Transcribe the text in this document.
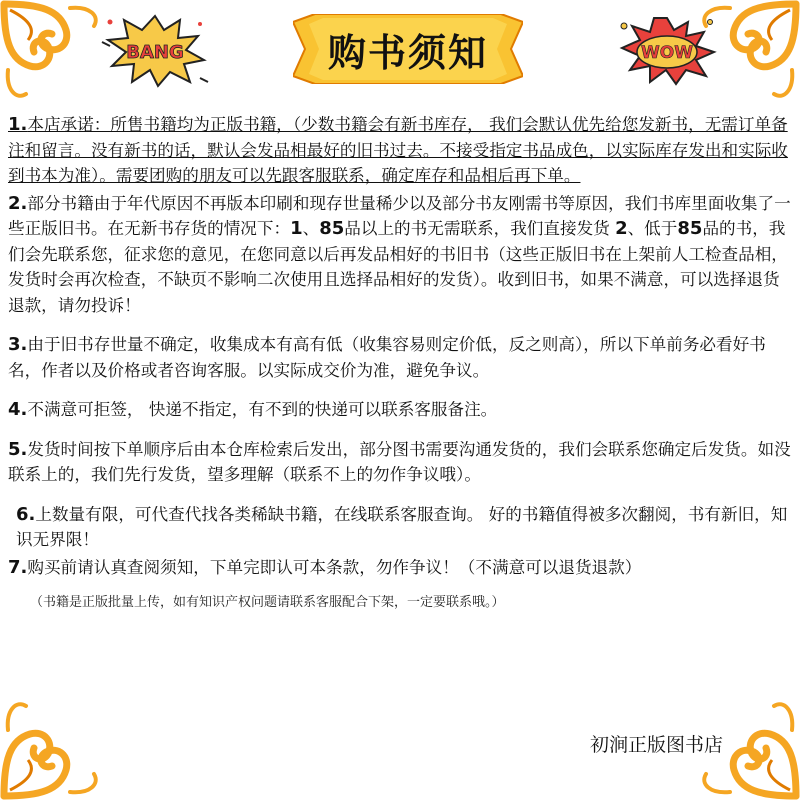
BANG	WOW
购书须知

1.本店承诺：所售书籍均为正版书籍，（少数书籍会有新书库存， 我们会默认优先给您发新书，无需订单备注和留言。没有新书的话，默认会发品相最好的旧书过去。不接受指定书品成色，以实际库存发出和实际收到书本为准）。需要团购的朋友可以先跟客服联系，确定库存和品相后再下单。

2.部分书籍由于年代原因不再版本印刷和现存世量稀少以及部分书友刚需书等原因，我们书库里面收集了一些正版旧书。在无新书存货的情况下：1、85品以上的书无需联系，我们直接发货 2、低于85品的书，我们会先联系您，征求您的意见，在您同意以后再发品相好的书旧书（这些正版旧书在上架前人工检查品相，发货时会再次检查，不缺页不影响二次使用且选择品相好的发货）。收到旧书，如果不满意，可以选择退货退款，请勿投诉！

3.由于旧书存世量不确定，收集成本有高有低（收集容易则定价低，反之则高），所以下单前务必看好书名，作者以及价格或者咨询客服。以实际成交价为准，避免争议。

4.不满意可拒签， 快递不指定，有不到的快递可以联系客服备注。

5.发货时间按下单顺序后由本仓库检索后发出，部分图书需要沟通发货的，我们会联系您确定后发货。如没联系上的，我们先行发货，望多理解（联系不上的勿作争议哦）。

6.上数量有限，可代查代找各类稀缺书籍，在线联系客服查询。 好的书籍值得被多次翻阅，书有新旧，知识无界限！

7.购买前请认真查阅须知，下单完即认可本条款，勿作争议！（不满意可以退货退款）

（书籍是正版批量上传，如有知识产权问题请联系客服配合下架，一定要联系哦。）

初涧正版图书店
